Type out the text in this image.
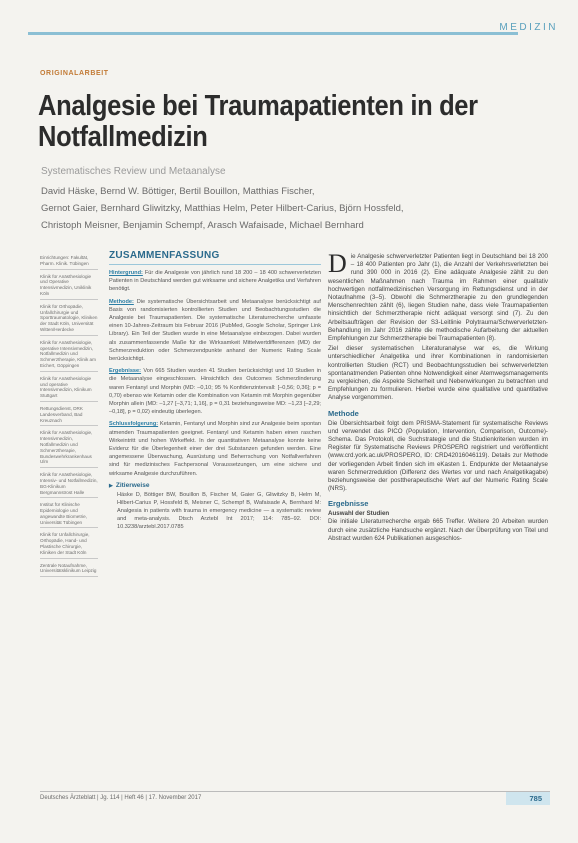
MEDIZIN
ORIGINALARBEIT
Analgesie bei Traumapatienten in der Notfallmedizin
Systematisches Review und Metaanalyse
David Häske, Bernd W. Böttiger, Bertil Bouillon, Matthias Fischer,
Gernot Gaier, Bernhard Gliwitzky, Matthias Helm, Peter Hilbert-Carius, Björn Hossfeld,
Christoph Meisner, Benjamin Schempf, Arasch Wafaisade, Michael Bernhard

Einrichtungen: Fakultät, Pharm. Klinik. Tübingen

Klinik für Anästhesiologie und Operative Intensivmedizin, Uniklinik Köln

Klinik für Orthopädie, Unfallchirurgie und Sporttraumatologie, Kliniken der Stadt Köln, Universität Witten/Herdecke

Klinik für Anästhesiologie, operative Intensivmedizin, Notfallmedizin und Schmerztherapie, Klinik am Eichert, Göppingen

Klinik für Anästhesiologie und operative Intensivmedizin, Klinikum Stuttgart

Rettungsdienst, DRK Landesverband, Bad Kreuznach

Klinik für Anästhesiologie, Intensivmedizin, Notfallmedizin und Schmerztherapie, Bundeswehrkrankenhaus Ulm

Klinik für Anästhesiologie, Intensiv- und Notfallmedizin, BG-Klinikum Bergmannstrost Halle

Institut für Klinische Epidemiologie und angewandte Biometrie, Universität Tübingen

Klinik für Unfallchirurgie, Orthopädie, Hand- und Plastische Chirurgie, Kliniken der Stadt Köln

Zentrale Notaufnahme, Universitätsklinikum Leipzig

ZUSAMMENFASSUNG

Hintergrund: Für die Analgesie von jährlich rund 18 200 – 18 400 schwerverletzten Patienten in Deutschland werden gut wirksame und sichere Analgetika und Verfahren benötigt.

Methode: Die systematische Übersichtsarbeit und Metaanalyse berücksichtigt auf Basis von randomisierten kontrollierten Studien und Beobachtungsstudien die Analgesie bei Traumapatienten. Die systematische Literaturrecherche umfasste einen 10-Jahres-Zeitraum bis Februar 2016 (PubMed, Google Scholar, Springer Link Library). Ein Teil der Studien wurde in eine Metaanalyse einbezogen. Dabei wurden als zusammenfassende Maße für die Wirksamkeit Mittelwertdifferenzen (MD) der Schmerzreduktion oder Schmerzendpunkte anhand der Numeric Rating Scale berücksichtigt.

Ergebnisse: Von 665 Studien wurden 41 Studien berücksichtigt und 10 Studien in die Metaanalyse eingeschlossen. Hinsichtlich des Outcomes Schmerzlinderung waren Fentanyl und Morphin (MD: –0,10; 95 % Konfidenzintervall: [–0,56; 0,36]; p = 0,70) ebenso wie Ketamin oder die Kombination von Ketamin mit Morphin gegenüber Morphin allein (MD: –1,27 [–3,71; 1,16], p = 0,31 beziehungsweise MD: –1,23 [–2,29; –0,18], p = 0,02) eindeutig überlegen.

Schlussfolgerung: Ketamin, Fentanyl und Morphin sind zur Analgesie beim spontan atmenden Traumapatienten geeignet. Fentanyl und Ketamin haben einen raschen Wirkeintritt und hohen Wirkeffekt. In der quantitativen Metaanalyse konnte keine Evidenz für die Überlegenheit einer der drei Substanzen gefunden werden. Eine angemessene Überwachung, Ausrüstung und Beherrschung von Notfallverfahren sind für medizinisches Fachpersonal Voraussetzungen, um eine sichere und wirksame Analgesie durchzuführen.

▶ Zitierweise

Häske D, Böttiger BW, Bouillon B, Fischer M, Gaier G, Gliwitzky B, Helm M, Hilbert-Carius P, Hossfeld B, Meisner C, Schempf B, Wafaisade A, Bernhard M: Analgesia in patients with trauma in emergency medicine — a systematic review and meta-analysis. Dtsch Arztebl Int 2017; 114: 785–92. DOI: 10.3238/arztebl.2017.0785

Die Analgesie schwerverletzter Patienten liegt in Deutschland bei 18 200 – 18 400 Patienten pro Jahr (1), die Anzahl der Verkehrsverletzten bei rund 390 000 in 2016 (2). Eine adäquate Analgesie zählt zu den wesentlichen Maßnahmen nach Trauma im Rahmen einer qualitativ hochwertigen notfallmedizinischen Versorgung im Rettungsdienst und in der Notaufnahme (3–5). Obwohl die Schmerztherapie zu den grundlegenden Menschenrechten zählt (6), liegen Studien nahe, dass viele Traumapatienten hinsichtlich der Schmerztherapie nicht adäquat versorgt sind (7). Zu den Arbeitsaufträgen der Revision der S3-Leitlinie Polytrauma/Schwerverletzten-Behandlung im Jahr 2016 zählte die methodische Aufarbeitung der aktuellen Empfehlungen zur Schmerztherapie bei Traumapatienten (8).

Ziel dieser systematischen Literaturanalyse war es, die Wirkung unterschiedlicher Analgetika und ihrer Kombinationen in randomisierten kontrollierten Studien (RCT) und Beobachtungsstudien bei schwerverletzten spontanatmenden Patienten ohne Notwendigkeit einer Atemwegsmanagements zu vergleichen, die Aspekte Sicherheit und Nebenwirkungen zu betrachten und Empfehlungen zu formulieren. Hierbei wurde eine qualitative und quantitative Analyse vorgenommen.

Methode

Die Übersichtsarbeit folgt dem PRISMA-Statement für systematische Reviews und verwendet das PICO (Population, Intervention, Comparison, Outcome)-Schema. Das Protokoll, die Suchstrategie und die Studienkriterien wurden im Register für Systematische Reviews PROSPERO registriert und veröffentlicht (www.crd.york.ac.uk/PROSPERO, ID: CRD42016046119). Details zur Methode der vorliegenden Arbeit finden sich im eKasten 1. Endpunkte der Metaanalyse waren Schmerzreduktion (Differenz des Wertes vor und nach Analgetikagabe) beziehungsweise der posttherapeutische Wert auf der Numeric Rating Scale (NRS).

Ergebnisse
Auswahl der Studien

Die initiale Literaturrecherche ergab 665 Treffer. Weitere 20 Arbeiten wurden durch eine zusätzliche Handsuche ergänzt. Nach der Überprüfung von Titel und Abstract wurden 624 Publikationen ausgeschlos-

Deutsches Ärzteblatt | Jg. 114 | Heft 46 | 17. November 2017	785
